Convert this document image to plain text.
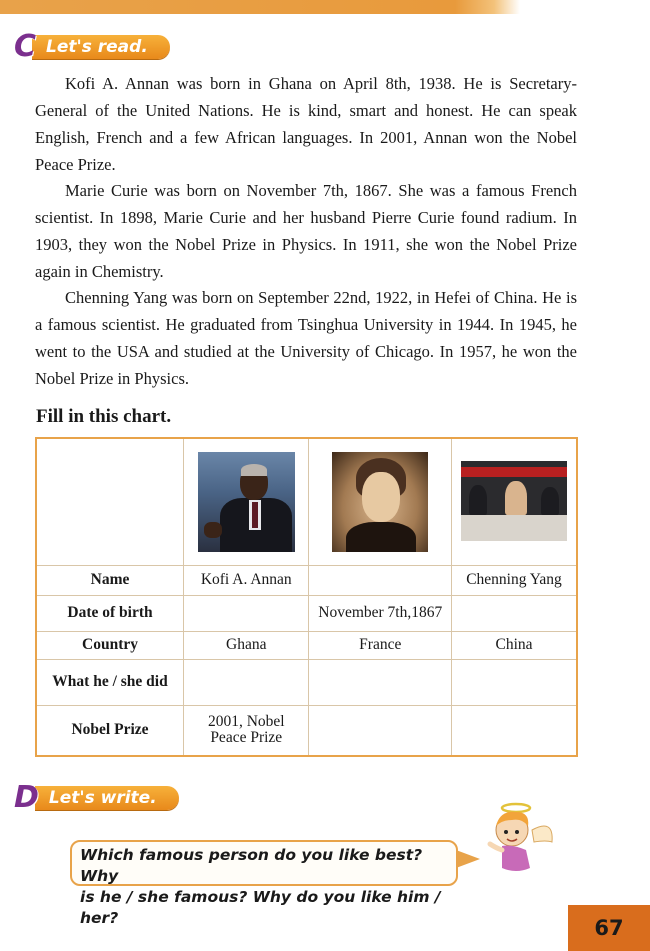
C Let's read.

Kofi A. Annan was born in Ghana on April 8th, 1938. He is Secretary-General of the United Nations. He is kind, smart and honest. He can speak English, French and a few African languages. In 2001, Annan won the Nobel Peace Prize.

Marie Curie was born on November 7th, 1867. She was a famous French scientist. In 1898, Marie Curie and her husband Pierre Curie found radium. In 1903, they won the Nobel Prize in Physics. In 1911, she won the Nobel Prize again in Chemistry.

Chenning Yang was born on September 22nd, 1922, in Hefei of China. He is a famous scientist. He graduated from Tsinghua University in 1944. In 1945, he went to the USA and studied at the University of Chicago. In 1957, he won the Nobel Prize in Physics.

Fill in this chart.

Name	Kofi A. Annan		Chenning Yang
Date of birth		November 7th,1867	
Country	Ghana	France	China
What he / she did			
Nobel Prize	2001, Nobel Peace Prize		
D Let's write.
Which famous person do you like best? Why
is he / she famous? Why do you like him / her?	67
